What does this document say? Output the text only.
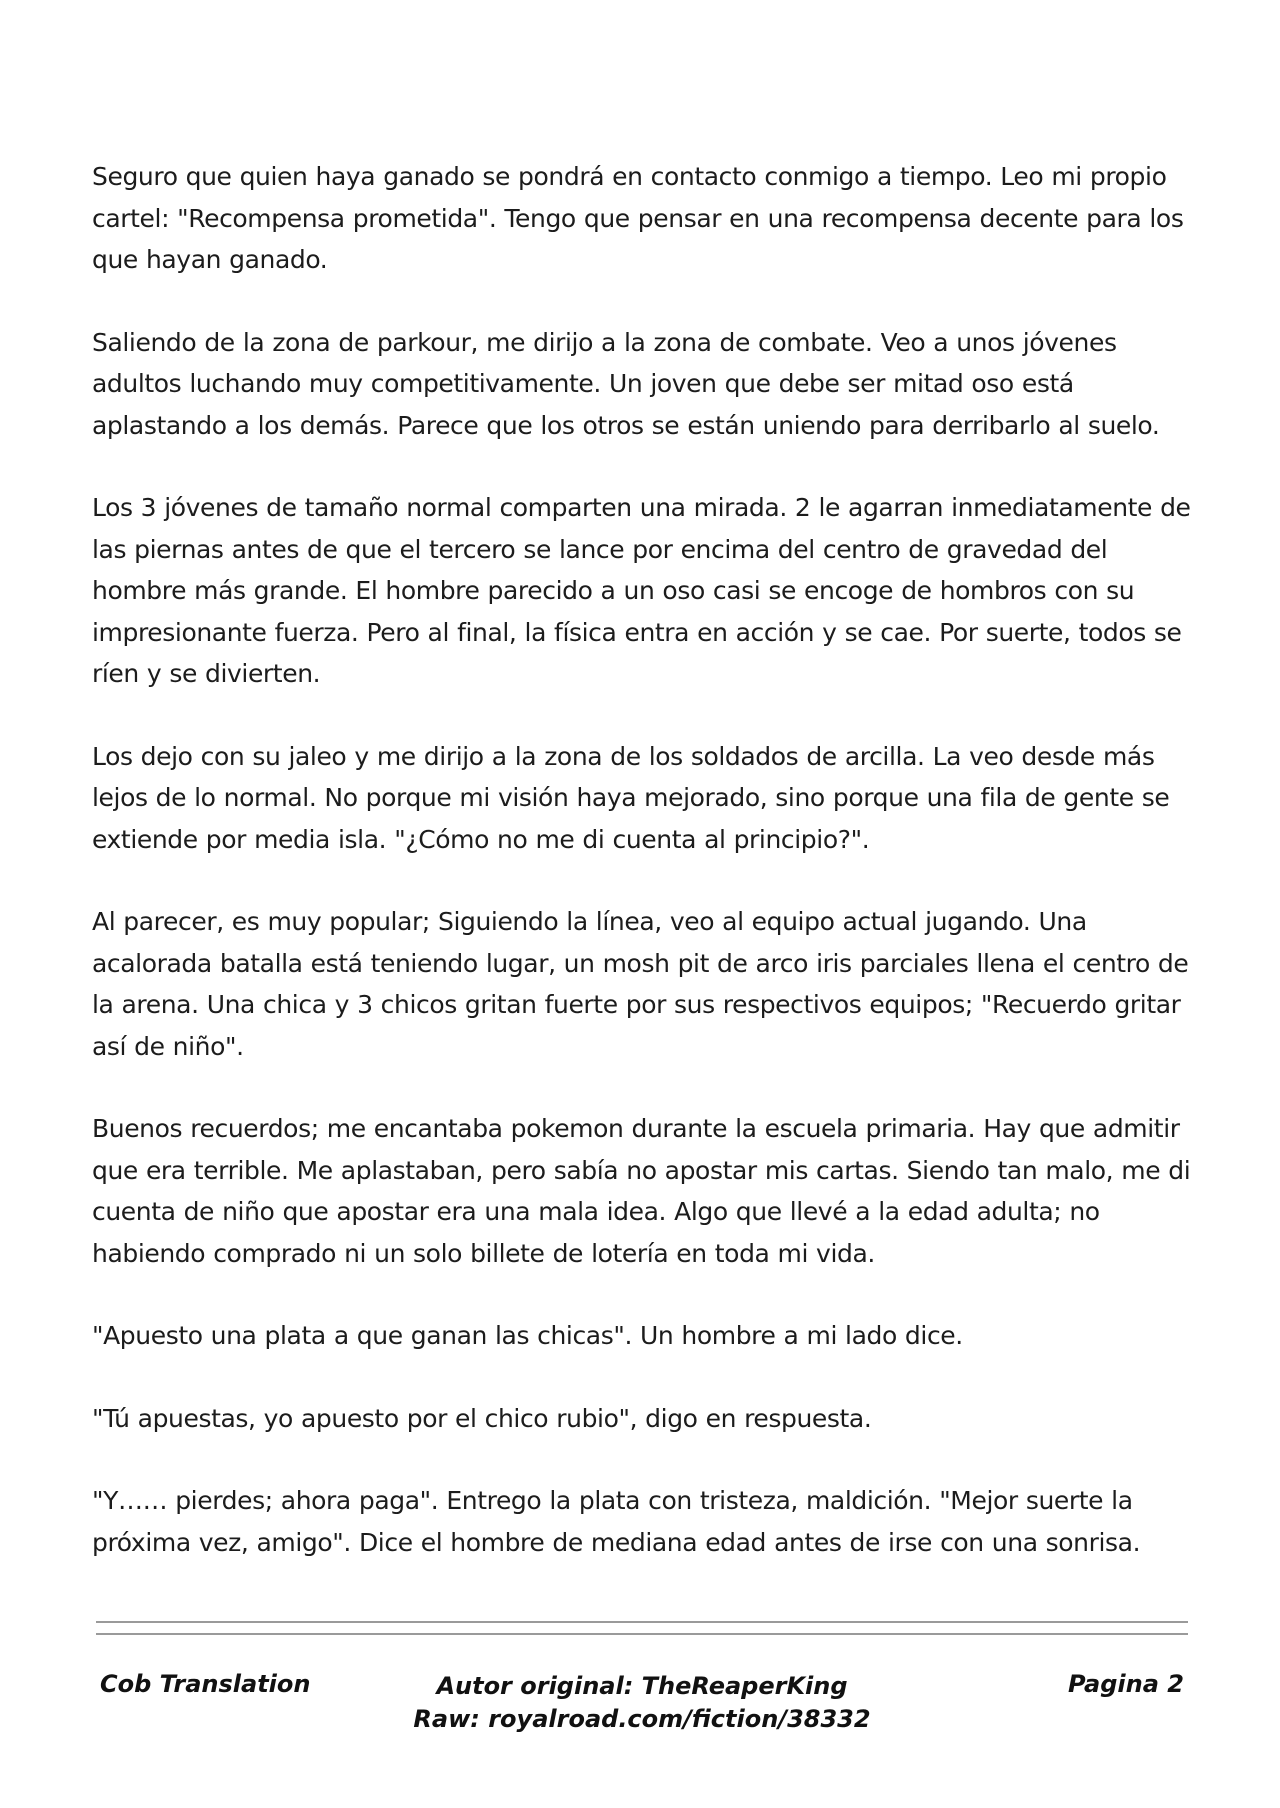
Seguro que quien haya ganado se pondrá en contacto conmigo a tiempo. Leo mi propio cartel: "Recompensa prometida". Tengo que pensar en una recompensa decente para los que hayan ganado.

Saliendo de la zona de parkour, me dirijo a la zona de combate. Veo a unos jóvenes adultos luchando muy competitivamente. Un joven que debe ser mitad oso está aplastando a los demás. Parece que los otros se están uniendo para derribarlo al suelo.

Los 3 jóvenes de tamaño normal comparten una mirada. 2 le agarran inmediatamente de las piernas antes de que el tercero se lance por encima del centro de gravedad del hombre más grande. El hombre parecido a un oso casi se encoge de hombros con su impresionante fuerza. Pero al final, la física entra en acción y se cae. Por suerte, todos se ríen y se divierten.

Los dejo con su jaleo y me dirijo a la zona de los soldados de arcilla. La veo desde más lejos de lo normal. No porque mi visión haya mejorado, sino porque una fila de gente se extiende por media isla. "¿Cómo no me di cuenta al principio?".

Al parecer, es muy popular; Siguiendo la línea, veo al equipo actual jugando. Una acalorada batalla está teniendo lugar, un mosh pit de arco iris parciales llena el centro de la arena. Una chica y 3 chicos gritan fuerte por sus respectivos equipos; "Recuerdo gritar así de niño".

Buenos recuerdos; me encantaba pokemon durante la escuela primaria. Hay que admitir que era terrible. Me aplastaban, pero sabía no apostar mis cartas. Siendo tan malo, me di cuenta de niño que apostar era una mala idea. Algo que llevé a la edad adulta; no habiendo comprado ni un solo billete de lotería en toda mi vida.

"Apuesto una plata a que ganan las chicas". Un hombre a mi lado dice.

"Tú apuestas, yo apuesto por el chico rubio", digo en respuesta.

"Y…… pierdes; ahora paga". Entrego la plata con tristeza, maldición. "Mejor suerte la próxima vez, amigo". Dice el hombre de mediana edad antes de irse con una sonrisa.

Cob Translation	Autor original: TheReaperKing
Raw: royalroad.com/fiction/38332
Pagina 2
